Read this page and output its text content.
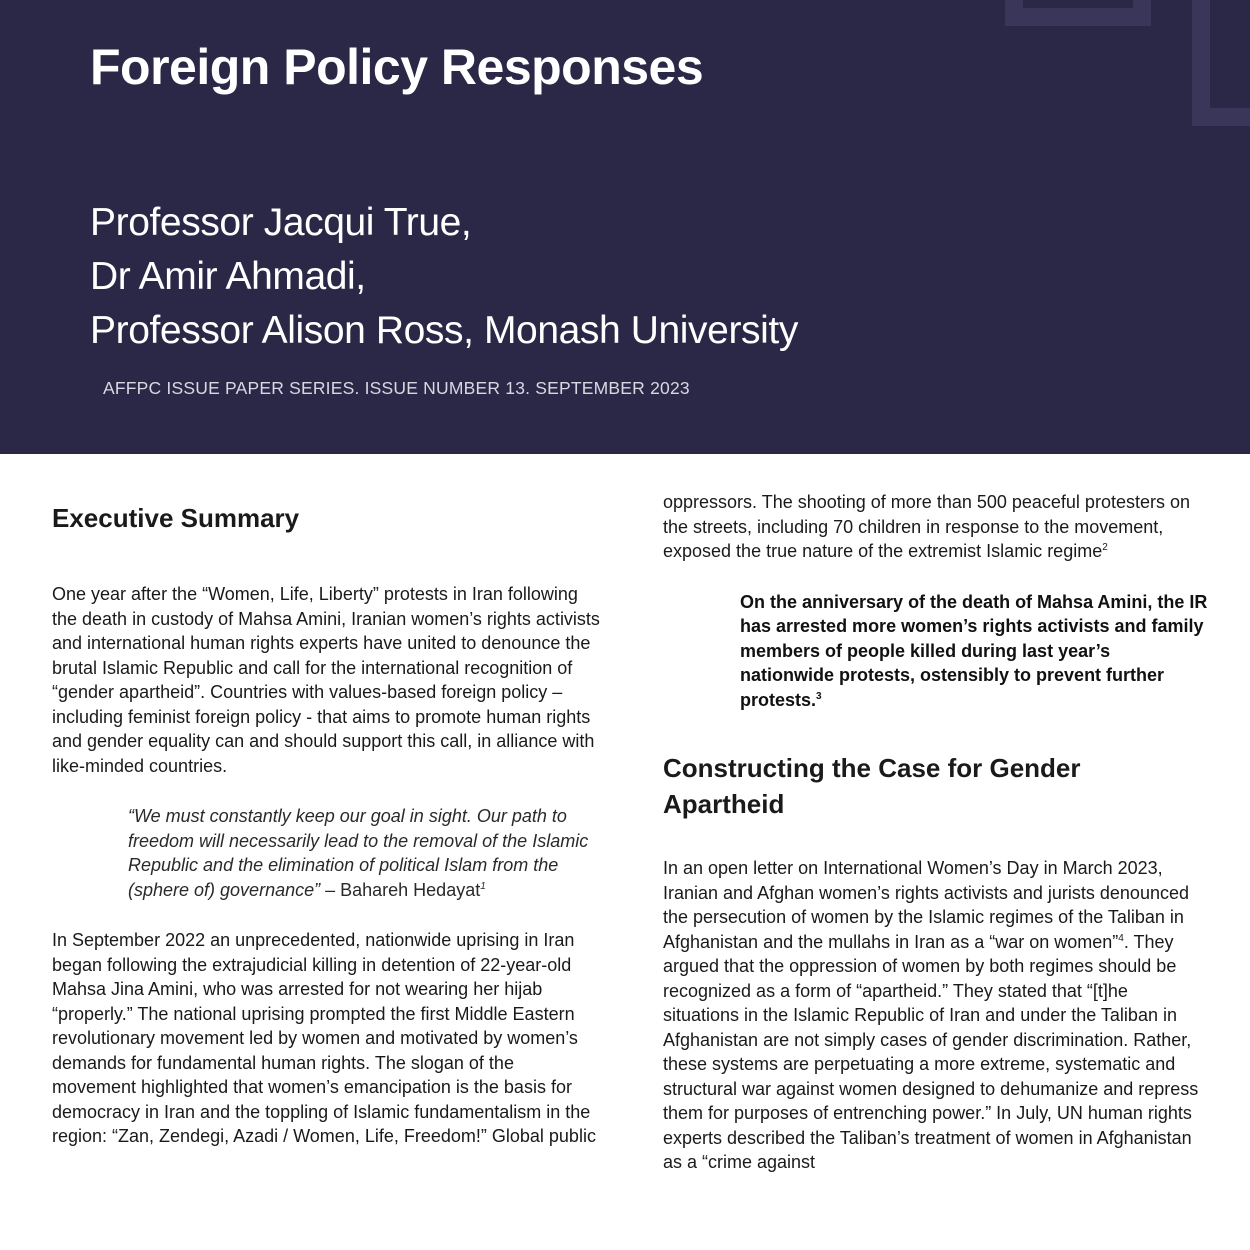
Foreign Policy Responses
Professor Jacqui True,
Dr Amir Ahmadi,
Professor Alison Ross, Monash University
AFFPC ISSUE PAPER SERIES. ISSUE NUMBER 13. SEPTEMBER 2023
Executive Summary

One year after the “Women, Life, Liberty” protests in Iran following the death in custody of Mahsa Amini, Iranian women’s rights activists and international human rights experts have united to denounce the brutal Islamic Republic and call for the international recognition of “gender apartheid”. Countries with values-based foreign policy – including feminist foreign policy - that aims to promote human rights and gender equality can and should support this call, in alliance with like-minded countries.

“We must constantly keep our goal in sight. Our path to freedom will necessarily lead to the removal of the Islamic Republic and the elimination of political Islam from the (sphere of) governance” – Bahareh Hedayat$^1$

In September 2022 an unprecedented, nationwide uprising in Iran began following the extrajudicial killing in detention of 22-year-old Mahsa Jina Amini, who was arrested for not wearing her hijab “properly.” The national uprising prompted the first Middle Eastern revolutionary movement led by women and motivated by women’s demands for fundamental human rights. The slogan of the movement highlighted that women’s emancipation is the basis for democracy in Iran and the toppling of Islamic fundamentalism in the region: “Zan, Zendegi, Azadi / Women, Life, Freedom!” Global public

oppressors. The shooting of more than 500 peaceful protesters on the streets, including 70 children in response to the movement, exposed the true nature of the extremist Islamic regime$^2$

On the anniversary of the death of Mahsa Amini, the IR has arrested more women’s rights activists and family members of people killed during last year’s nationwide protests, ostensibly to prevent further protests.$^3$
Constructing the Case for Gender Apartheid

In an open letter on International Women’s Day in March 2023, Iranian and Afghan women’s rights activists and jurists denounced the persecution of women by the Islamic regimes of the Taliban in Afghanistan and the mullahs in Iran as a “war on women”$^4$. They argued that the oppression of women by both regimes should be recognized as a form of “apartheid.” They stated that “[t]he situations in the Islamic Republic of Iran and under the Taliban in Afghanistan are not simply cases of gender discrimination. Rather, these systems are perpetuating a more extreme, systematic and structural war against women designed to dehumanize and repress them for purposes of entrenching power.” In July, UN human rights experts described the Taliban’s treatment of women in Afghanistan as a “crime against
